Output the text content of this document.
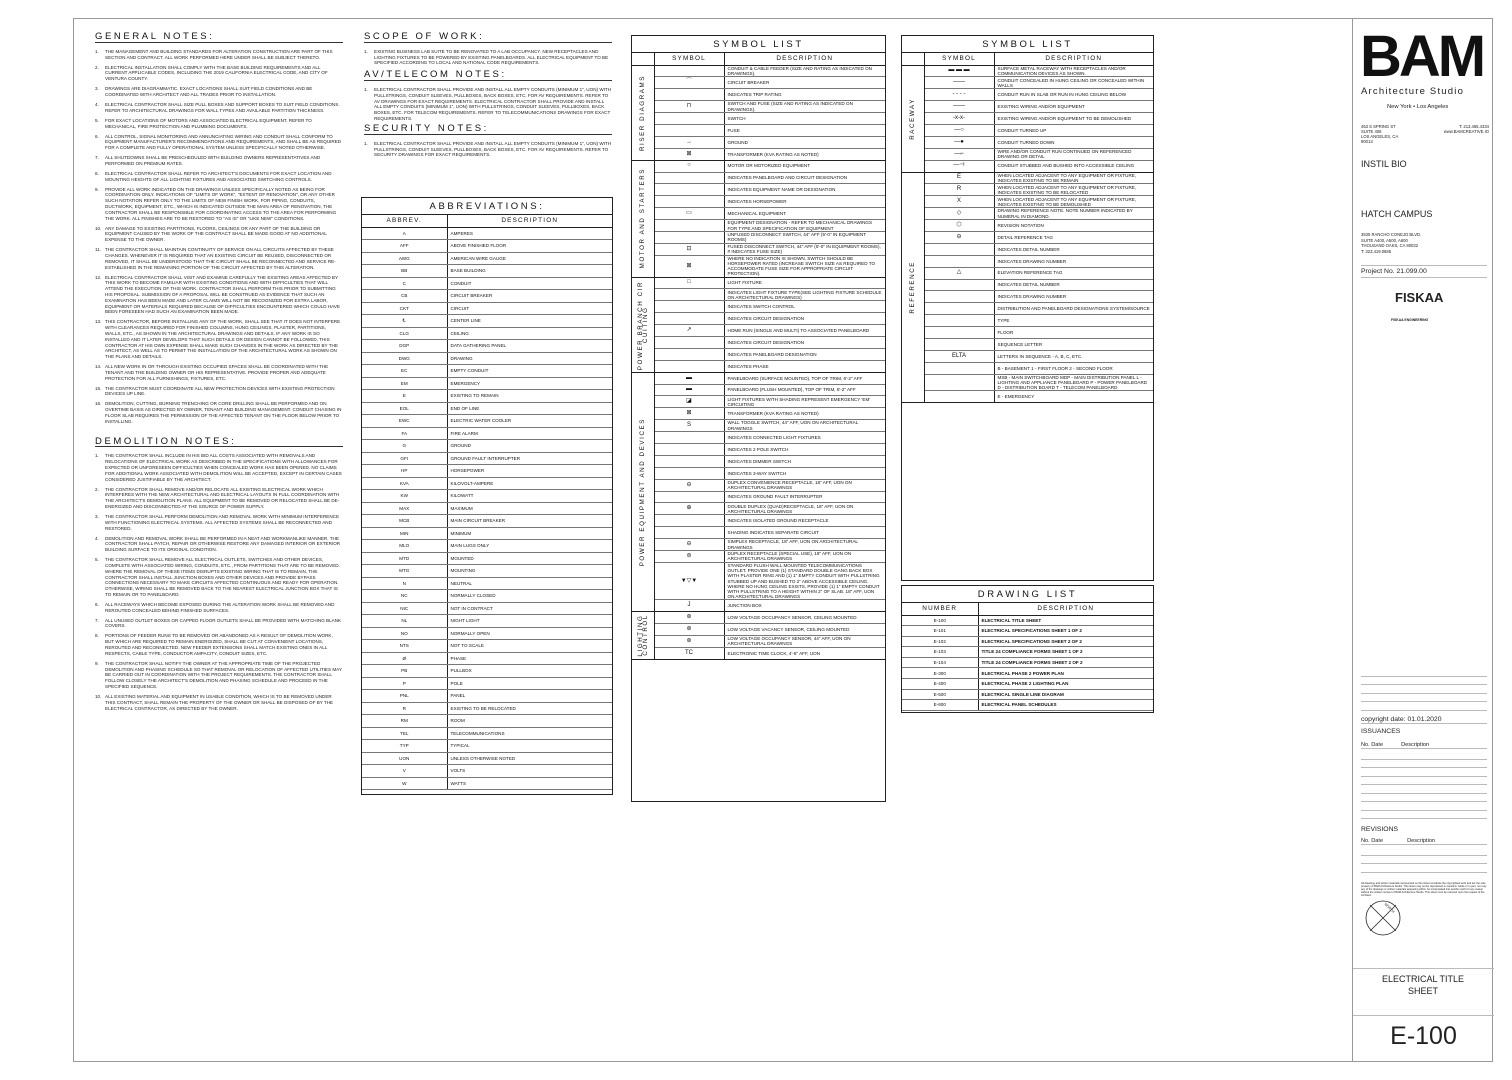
GENERAL NOTES:
1. THE MANAGEMENT AND BUILDING STANDARDS FOR ALTERATION CONSTRUCTION ARE PART OF THIS SECTION AND CONTRACT. ALL WORK PERFORMED HERE UNDER SHALL BE SUBJECT THERETO.
2. ELECTRICAL INSTALLATION SHALL COMPLY WITH THE BASE BUILDING REQUIREMENTS AND ALL CURRENT APPLICABLE CODES, INCLUDING THE 2019 CALIFORNIA ELECTRICAL CODE, AND CITY OF VENTURA COUNTY.
3. DRAWINGS ARE DIAGRAMMATIC. EXACT LOCATIONS SHALL SUIT FIELD CONDITIONS AND BE COORDINATED WITH ARCHITECT AND ALL TRADES PRIOR TO INSTALLATION.
4. ELECTRICAL CONTRACTOR SHALL SIZE PULL BOXES AND SUPPORT BOXES TO SUIT FIELD CONDITIONS. REFER TO ARCHITECTURAL DRAWINGS FOR WALL TYPES AND AVAILABLE PARTITION THICKNESS.
5. FOR EXACT LOCATIONS OF MOTORS AND ASSOCIATED ELECTRICAL EQUIPMENT, REFER TO MECHANICAL, FIRE PROTECTION AND PLUMBING DOCUMENTS.
6. ALL CONTROL, SIGNAL MONITORING AND ANNUNCIATING WIRING AND CONDUIT SHALL CONFORM TO EQUIPMENT MANUFACTURER'S RECOMMENDATIONS AND REQUIREMENTS, AND SHALL BE AS REQUIRED FOR A COMPLETE AND FULLY OPERATIONAL SYSTEM UNLESS SPECIFICALLY NOTED OTHERWISE.
7. ALL SHUTDOWNS SHALL BE PRESCHEDULED WITH BUILDING OWNERS REPRESENTATIVES AND PERFORMED ON PREMIUM RATES.
8. ELECTRICAL CONTRACTOR SHALL REFER TO ARCHITECT'S DOCUMENTS FOR EXACT LOCATION AND MOUNTING HEIGHTS OF ALL LIGHTING FIXTURES AND ASSOCIATED SWITCHING CONTROLS.
9. PROVIDE ALL WORK INDICATED ON THE DRAWINGS UNLESS SPECIFICALLY NOTED AS BEING FOR COORDINATION ONLY. INDICATIONS OF "LIMITS OF WORK", "EXTENT OF RENOVATION", OR ANY OTHER SUCH NOTATION REFER ONLY TO THE LIMITS OF NEW FINISH WORK. FOR PIPING, CONDUITS, DUCTWORK, EQUIPMENT, ETC., WHICH IS INDICATED OUTSIDE THE MAIN AREA OF RENOVATION, THE CONTRACTOR SHALL BE RESPONSIBLE FOR COORDINATING ACCESS TO THE AREA FOR PERFORMING THE WORK. ALL FINISHES ARE TO BE RESTORED TO "AS IS" OR "LIKE NEW" CONDITIONS.
10. ANY DAMAGE TO EXISTING PARTITIONS, FLOORS, CEILINGS OR ANY PART OF THE BUILDING OR EQUIPMENT CAUSED BY THE WORK OF THE CONTRACT SHALL BE MADE GOOD AT NO ADDITIONAL EXPENSE TO THE OWNER.
11. THE CONTRACTOR SHALL MAINTAIN CONTINUITY OF SERVICE ON ALL CIRCUITS AFFECTED BY THESE CHANGES. WHENEVER IT IS REQUIRED THAT AN EXISTING CIRCUIT BE REUSED, DISCONNECTED OR REMOVED, IT SHALL BE UNDERSTOOD THAT THE CIRCUIT SHALL BE RECONNECTED AND SERVICE RE-ESTABLISHED IN THE REMAINING PORTION OF THE CIRCUIT AFFECTED BY THIS ALTERATION.
12. ELECTRICAL CONTRACTOR SHALL VISIT AND EXAMINE CAREFULLY THE EXISTING AREAS AFFECTED BY THIS WORK TO BECOME FAMILIAR WITH EXISTING CONDITIONS AND WITH DIFFICULTIES THAT WILL ATTEND THE EXECUTION OF THIS WORK. CONTRACTOR SHALL PERFORM THIS PRIOR TO SUBMITTING HIS PROPOSAL. SUBMISSION OF A PROPOSAL WILL BE CONSTRUED AS EVIDENCE THAT SUCH AN EXAMINATION HAS BEEN MADE AND LATER CLAIMS WILL NOT BE RECOGNIZED FOR EXTRA LABOR, EQUIPMENT OR MATERIALS REQUIRED BECAUSE OF DIFFICULTIES ENCOUNTERED WHICH COULD HAVE BEEN FORESEEN HAD SUCH AN EXAMINATION BEEN MADE.
13. THIS CONTRACTOR, BEFORE INSTALLING ANY OF THE WORK, SHALL SEE THAT IT DOES NOT INTERFERE WITH CLEARANCES REQUIRED FOR FINISHED COLUMNS, HUNG CEILINGS, PLASTER, PARTITIONS, WALLS, ETC., AS SHOWN IN THE ARCHITECTURAL DRAWINGS AND DETAILS. IF ANY WORK IS SO INSTALLED AND IT LATER DEVELOPS THAT SUCH DETAILS OR DESIGN CANNOT BE FOLLOWED, THIS CONTRACTOR AT HIS OWN EXPENSE SHALL MAKE SUCH CHANGES IN THE WORK AS DIRECTED BY THE ARCHITECT, AS WELL AS TO PERMIT THE INSTALLATION OF THE ARCHITECTURAL WORK AS SHOWN ON THE PLANS AND DETAILS.
14. ALL NEW WORK IN OR THROUGH EXISTING OCCUPIED SPACES SHALL BE COORDINATED WITH THE TENANT AND THE BUILDING OWNER OR HIS REPRESENTATIVE. PROVIDE PROPER AND ADEQUATE PROTECTION FOR ALL FURNISHINGS, FIXTURES, ETC.
15. THE CONTRACTOR MUST COORDINATE ALL NEW PROTECTION DEVICES WITH EXISTING PROTECTION DEVICES UP LINE.
16. DEMOLITION, CUTTING, BURNING TRENCHING OR CORE DRILLING SHALL BE PERFORMED AND ON OVERTIME BASIS AS DIRECTED BY OWNER, TENANT AND BUILDING MANAGEMENT. CONDUIT CHASING IN FLOOR SLAB REQUIRES THE PERMISSION OF THE AFFECTED TENANT ON THE FLOOR BELOW PRIOR TO INSTALLING.
DEMOLITION NOTES:
1. THE CONTRACTOR SHALL INCLUDE IN HIS BID ALL COSTS ASSOCIATED WITH REMOVALS AND RELOCATIONS OF ELECTRICAL WORK AS DESCRIBED IN THE SPECIFICATIONS WITH ALLOWANCES FOR EXPECTED OR UNFORESEEN DIFFICULTIES WHEN CONCEALED WORK HAS BEEN OPENED. NO CLAIMS FOR ADDITIONAL WORK ASSOCIATED WITH DEMOLITION WILL BE ACCEPTED, EXCEPT IN CERTAIN CASES CONSIDERED JUSTIFIABLE BY THE ARCHITECT.
2. THE CONTRACTOR SHALL REMOVE AND/OR RELOCATE ALL EXISTING ELECTRICAL WORK WHICH INTERFERES WITH THE NEW ARCHITECTURAL AND ELECTRICAL LAYOUTS IN FULL COORDINATION WITH THE ARCHITECT'S DEMOLITION PLANS. ALL EQUIPMENT TO BE REMOVED OR RELOCATED SHALL BE DE-ENERGIZED AND DISCONNECTED AT THE SOURCE OF POWER SUPPLY.
3. THE CONTRACTOR SHALL PERFORM DEMOLITION AND REMOVAL WORK WITH MINIMUM INTERFERENCE WITH FUNCTIONING ELECTRICAL SYSTEMS. ALL AFFECTED SYSTEMS SHALL BE RECONNECTED AND RESTORED.
4. DEMOLITION AND REMOVAL WORK SHALL BE PERFORMED IN A NEAT AND WORKMANLIKE MANNER. THE CONTRACTOR SHALL PATCH, REPAIR OR OTHERWISE RESTORE ANY DAMAGED INTERIOR OR EXTERIOR BUILDING SURFACE TO ITS ORIGINAL CONDITION.
5. THE CONTRACTOR SHALL REMOVE ALL ELECTRICAL OUTLETS, SWITCHES AND OTHER DEVICES, COMPLETE WITH ASSOCIATED WIRING, CONDUITS, ETC., FROM PARTITIONS THAT ARE TO BE REMOVED. WHERE THE REMOVAL OF THESE ITEMS DISRUPTS EXISTING WIRING THAT IS TO REMAIN, THE CONTRACTOR SHALL INSTALL JUNCTION BOXES AND OTHER DEVICES AND PROVIDE BYPASS CONNECTIONS NECESSARY TO MAKE CIRCUITS AFFECTED CONTINUOUS AND READY FOR OPERATION. OTHERWISE, WIRING SHALL BE REMOVED BACK TO THE NEAREST ELECTRICAL JUNCTION BOX THAT IS TO REMAIN OR TO PANELBOARD.
6. ALL RACEWAYS WHICH BECOME EXPOSED DURING THE ALTERATION WORK SHALL BE REMOVED AND REROUTED CONCEALED BEHIND FINISHED SURFACES.
7. ALL UNUSED OUTLET BOXES OR CAPPED FLOOR OUTLETS SHALL BE PROVIDED WITH MATCHING BLANK COVERS.
8. PORTIONS OF FEEDER RUNS TO BE REMOVED OR ABANDONED AS A RESULT OF DEMOLITION WORK, BUT WHICH ARE REQUIRED TO REMAIN ENERGIZED, SHALL BE CUT AT CONVENIENT LOCATIONS, REROUTED AND RECONNECTED. NEW FEEDER EXTENSIONS SHALL MATCH EXISTING ONES IN ALL RESPECTS, CABLE TYPE, CONDUCTOR AMPACITY, CONDUIT SIZES, ETC.
9. THE CONTRACTOR SHALL NOTIFY THE OWNER AT THE APPROPRIATE TIME OF THE PROJECTED DEMOLITION AND PHASING SCHEDULE SO THAT REMOVAL OR RELOCATION OF AFFECTED UTILITIES MAY BE CARRIED OUT IN COORDINATION WITH THE PROJECT REQUIREMENTS. THE CONTRACTOR SHALL FOLLOW CLOSELY THE ARCHITECT'S DEMOLITION AND PHASING SCHEDULE AND PROCEED IN THE SPECIFIED SEQUENCE.
10. ALL EXISTING MATERIAL AND EQUIPMENT IN USABLE CONDITION, WHICH IS TO BE REMOVED UNDER THIS CONTRACT, SHALL REMAIN THE PROPERTY OF THE OWNER OR SHALL BE DISPOSED OF BY THE ELECTRICAL CONTRACTOR, AS DIRECTED BY THE OWNER.
SCOPE OF WORK:
1. EXISTING BUSINESS LAB SUITE TO BE RENOVATED TO A LAB OCCUPANCY. NEW RECEPTACLES AND LIGHTING FIXTURES TO BE POWERED BY EXISTING PANELBOARDS. ALL ELECTRICAL EQUIPMENT TO BE SPECIFIED ACCORDING TO LOCAL AND NATIONAL CODE REQUIREMENTS.
AV/TELECOM NOTES:
1. ELECTRICAL CONTRACTOR SHALL PROVIDE AND INSTALL ALL EMPTY CONDUITS (MINIMUM 1", UON) WITH PULLSTRINGS, CONDUIT SLEEVES, PULLBOXES, BACK BOXES, ETC. FOR AV REQUIREMENTS. REFER TO AV DRAWINGS FOR EXACT REQUIREMENTS. ELECTRICAL CONTRACTOR SHALL PROVIDE AND INSTALL ALL EMPTY CONDUITS (MINIMUM 1", UON) WITH PULLSTRINGS, CONDUIT SLEEVES, PULLBOXES, BACK BOXES, ETC. FOR TELECOM REQUIREMENTS. REFER TO TELECOMMUNICATIONS DRAWINGS FOR EXACT REQUIREMENTS.
SECURITY NOTES:
1. ELECTRICAL CONTRACTOR SHALL PROVIDE AND INSTALL ALL EMPTY CONDUITS (MINIMUM 1", UON) WITH PULLSTRINGS, CONDUIT SLEEVES, PULLBOXES, BACK BOXES, ETC. FOR AV REQUIREMENTS. REFER TO SECURITY DRAWINGS FOR EXACT REQUIREMENTS.
ABBREVIATIONS:
ABBREV.	DESCRIPTION
A	AMPERES
AFF	ABOVE FINISHED FLOOR
AWG	AMERICAN WIRE GAUGE
BB	BASE BUILDING
C	CONDUIT
CB	CIRCUIT BREAKER
CKT	CIRCUIT
℄	CENTER LINE
CLG	CEILING
DGP	DATA GATHERING PANEL
DWG	DRAWING
EC	EMPTY CONDUIT
EM	EMERGENCY
E	EXISTING TO REMAIN
EOL	END OF LINE
EWC	ELECTRIC WATER COOLER
FA	FIRE ALARM
G	GROUND
GFI	GROUND FAULT INTERRUPTER
HP	HORSEPOWER
KVA	KILOVOLT-AMPERE
KW	KILOWATT
MAX	MAXIMUM
MCB	MAIN CIRCUIT BREAKER
MIN	MINIMUM
MLO	MAIN LUGS ONLY
MTD	MOUNTED
MTG	MOUNTING
N	NEUTRAL
NC	NORMALLY CLOSED
NIC	NOT IN CONTRACT
NL	NIGHT LIGHT
NO	NORMALLY OPEN
NTS	NOT TO SCALE
Ø	PHASE
PB	PULLBOX
P	POLE
PNL	PANEL
R	EXISTING TO BE RELOCATED
RM	ROOM
TEL	TELECOMMUNICATIONS
TYP	TYPICAL
UON	UNLESS OTHERWISE NOTED
V	VOLTS
W	WATTS
SYMBOL LIST
	SYMBOL	DESCRIPTION

RISER DIAGRAMS		CONDUIT & CABLE FEEDER (SIZE AND RATING AS INDICATED ON DRAWINGS).
	⌒	CIRCUIT BREAKER
		INDICATES TRIP RATING
	⊓	SWITCH AND FUSE (SIZE AND RATING AS INDICATED ON DRAWINGS).
		SWITCH
		FUSE
	→	GROUND
	⊠	TRANSFORMER (KVA RATING AS NOTED)

MOTOR AND STARTERS	○	MOTOR OR MOTORIZED EQUIPMENT
		INDICATES PANELBOARD AND CIRCUIT DESIGNATION
		INDICATES EQUIPMENT NAME OR DESIGNATION
		INDICATES HORSEPOWER
	▭	MECHANICAL EQUIPMENT
		EQUIPMENT DESIGNATION - REFER TO MECHANICAL DRAWINGS FOR TYPE AND SPECIFICATION OF EQUIPMENT
		UNFUSED DISCONNECT SWITCH, 44" AFF (5'-0" IN EQUIPMENT ROOMS)
	⊡	FUSED DISCONNECT SWITCH, 44" AFF (5'-0" IN EQUIPMENT ROOMS), # INDICATES FUSE SIZE)
	⊠	WHERE NO INDICATION IS SHOWN, SWITCH SHOULD BE HORSEPOWER RATED (INCREASE SWITCH SIZE AS REQUIRED TO ACCOMMODATE FUSE SIZE FOR APPROPRIATE CIRCUIT PROTECTION).

POWER BRANCH CIR CUITING	□	LIGHT FIXTURE
		INDICATES LIGHT FIXTURE TYPE(SEE LIGHTING FIXTURE SCHEDULE ON ARCHITECTURAL DRAWINGS)
		INDICATES SWITCH CONTROL
		INDICATES CIRCUIT DESIGNATION
	↗	HOME RUN (SINGLE AND MULTI) TO ASSOCIATED PANELBOARD
		INDICATES CIRCUIT DESIGNATION
		INDICATES PANELBOARD DESIGNATION
		INDICATES PHASE

POWER EQUIPMENT AND DEVICES	▬	PANELBOARD (SURFACE MOUNTED), TOP OF TRIM, 6'-2" AFF
	▬	PANELBOARD (FLUSH MOUNTED), TOP OF TRIM, 6'-2" AFF
	◪	LIGHT FIXTURES WITH SHADING REPRESENT EMERGENCY 'EM' CIRCUITING
	⊠	TRANSFORMER (KVA RATING AS NOTED)
	S	WALL TOGGLE SWITCH, 44" AFF, UON ON ARCHITECTURAL DRAWINGS
		INDICATES CONNECTED LIGHT FIXTURES
		INDICATES 2 POLE SWITCH
		INDICATES DIMMER SWITCH
		INDICATES 3-WAY SWITCH
	⊖	DUPLEX CONVENIENCE RECEPTACLE, 18" AFF, UON ON ARCHITECTURAL DRAWINGS
		INDICATES GROUND FAULT INTERRUPTER
	⊕	DOUBLE DUPLEX (QUAD)RECEPTACLE, 18" AFF, UON ON ARCHITECTURAL DRAWINGS
		INDICATES ISOLATED GROUND RECEPTACLE
		SHADING INDICATES SEPARATE CIRCUIT
	⊖	SIMPLEX RECEPTACLE, 18" AFF, UON ON ARCHITECTURAL DRAWINGS
	⊜	DUPLEX RECEPTACLE (SPECIAL USE), 18" AFF, UON ON ARCHITECTURAL DRAWINGS
	▼▽▼	STANDARD FLUSH WALL MOUNTED TELECOMMUNICATIONS OUTLET. PROVIDE ONE (1) STANDARD DOUBLE GANG BACK BOX WITH PLASTER RING AND (1) 1" EMPTY CONDUIT WITH PULLSTRING STUBBED UP AND BUSHED TO 2" ABOVE ACCESSIBLE CEILING. WHERE NO HUNG CEILING EXISTS, PROVIDE (1) 1" EMPTY CONDUIT WITH PULLSTRING TO A HEIGHT WITHIN 2" OF SLAB. 18" AFF, UON ON ARCHITECTURAL DRAWINGS
	J	JUNCTION BOX

LIGHTING CONTROL	⊛	LOW VOLTAGE OCCUPANCY SENSOR, CEILING MOUNTED
	⊛	LOW VOLTAGE VACANCY SENSOR, CEILING MOUNTED
	⊛	LOW VOLTAGE OCCUPANCY SENSOR, 44" AFF, UON ON ARCHITECTURAL DRAWINGS
	TC	ELECTRONIC TIME CLOCK, 4'-6" AFF, UON
SYMBOL LIST
	SYMBOL	DESCRIPTION

RACEWAY	▬ ▬ ▬	SURFACE METAL RACEWAY WITH RECEPTACLES AND/OR COMMUNICATION DEVICES AS SHOWN.
	——	CONDUIT CONCEALED IN HUNG CEILING OR CONCEALED WITHIN WALLS
	- - - -	CONDUIT RUN IN SLAB OR RUN IN HUNG CEILING BELOW
	——	EXISTING WIRING AND/OR EQUIPMENT
	-x-x-	EXISTING WIRING AND/OR EQUIPMENT TO BE DEMOLISHED
	—○	CONDUIT TURNED UP
	—●	CONDUIT TURNED DOWN
	—⌐	WIRE AND/OR CONDUIT RUN CONTINUED ON REFERENCED DRAWING OR DETAIL
	—⊣	CONDUIT STUBBED AND BUSHED INTO ACCESSIBLE CEILING

REFERENCE	E	WHEN LOCATED ADJACENT TO ANY EQUIPMENT OR FIXTURE, INDICATES EXISTING TO BE REMAIN
	R	WHEN LOCATED ADJACENT TO ANY EQUIPMENT OR FIXTURE, INDICATES EXISTING TO BE RELOCATED
	X	WHEN LOCATED ADJACENT TO ANY EQUIPMENT OR FIXTURE, INDICATES EXISTING TO BE DEMOLISHED
	◇	DRAWING REFERENCE NOTE. NOTE NUMBER INDICATED BY NUMERAL IN DIAMOND.
	⬡	REVISION NOTATION
	⊖	DETAIL REFERENCE TAG
		INDICATES DETAIL NUMBER
		INDICATES DRAWING NUMBER
	△	ELEVATION REFERENCE TAG
		INDICATES DETAIL NUMBER
		INDICATES DRAWING NUMBER
		DISTRIBUTION AND PANELBOARD DESIGNATIONS SYSTEM/SOURCE
		TYPE
		FLOOR
		SEQUENCE LETTER
	ELTA	LETTERS IN SEQUENCE - A, B, C, ETC.
		B - BASEMENT 1 - FIRST FLOOR 2 - SECOND FLOOR
		MSB - MAIN SWITCHBOARD MDP - MAIN DISTRIBUTION PANEL L - LIGHTING AND APPLIANCE PANELBOARD P - POWER PANELBOARD D - DISTRIBUTION BOARD T - TELECOM PANELBOARD
		E - EMERGENCY
DRAWING LIST
NUMBER	DESCRIPTION
E-100	ELECTRICAL TITLE SHEET
E-101	ELECTRICAL SPECIFICATIONS SHEET 1 OF 2
E-102	ELECTRICAL SPECIFICATIONS SHEET 2 OF 2
E-103	TITLE 24 COMPLIANCE FORMS SHEET 1 OF 2
E-104	TITLE 24 COMPLIANCE FORMS SHEET 2 OF 2
E-300	ELECTRICAL PHASE 2 POWER PLAN
E-400	ELECTRICAL PHASE 2 LIGHTING PLAN
E-500	ELECTRICAL SINGLE LINE DIAGRAM
E-600	ELECTRICAL PANEL SCHEDULES
BAM
Architecture Studio
New York • Los Angeles
453 S SPRING ST
SUITE 406
LOS ANGELES, CA
90013
T: 213.465.4334
www.BAMCREATIVE.IO
INSTIL BIO
HATCH CAMPUS
3535 RANCHO CONEJO BLVD.
SUITE A400, A500, A600
THOUSAND OAKS, CA 90032
T: 323.419.0685
Project No. 21.099.00
FISKAA
FISKAA ENGINEERING
copyright date: 01.01.2020
ISSUANCES
No. Date	Description
REVISIONS
No. Date	Description
All drawings and written materials represented on this sheet constitute the copyrighted work and are the sole property of BAM Architecture Studio. This sheet may not be reproduced or copied in whole or in part, nor may any of the drawings or written materials appearing within, be incorporated into another work for any reason without the written consent of BAM Architecture Studio. This sheet must be returned upon the request of the Architect.
NORTH
ELECTRICAL TITLE SHEET
E-100
